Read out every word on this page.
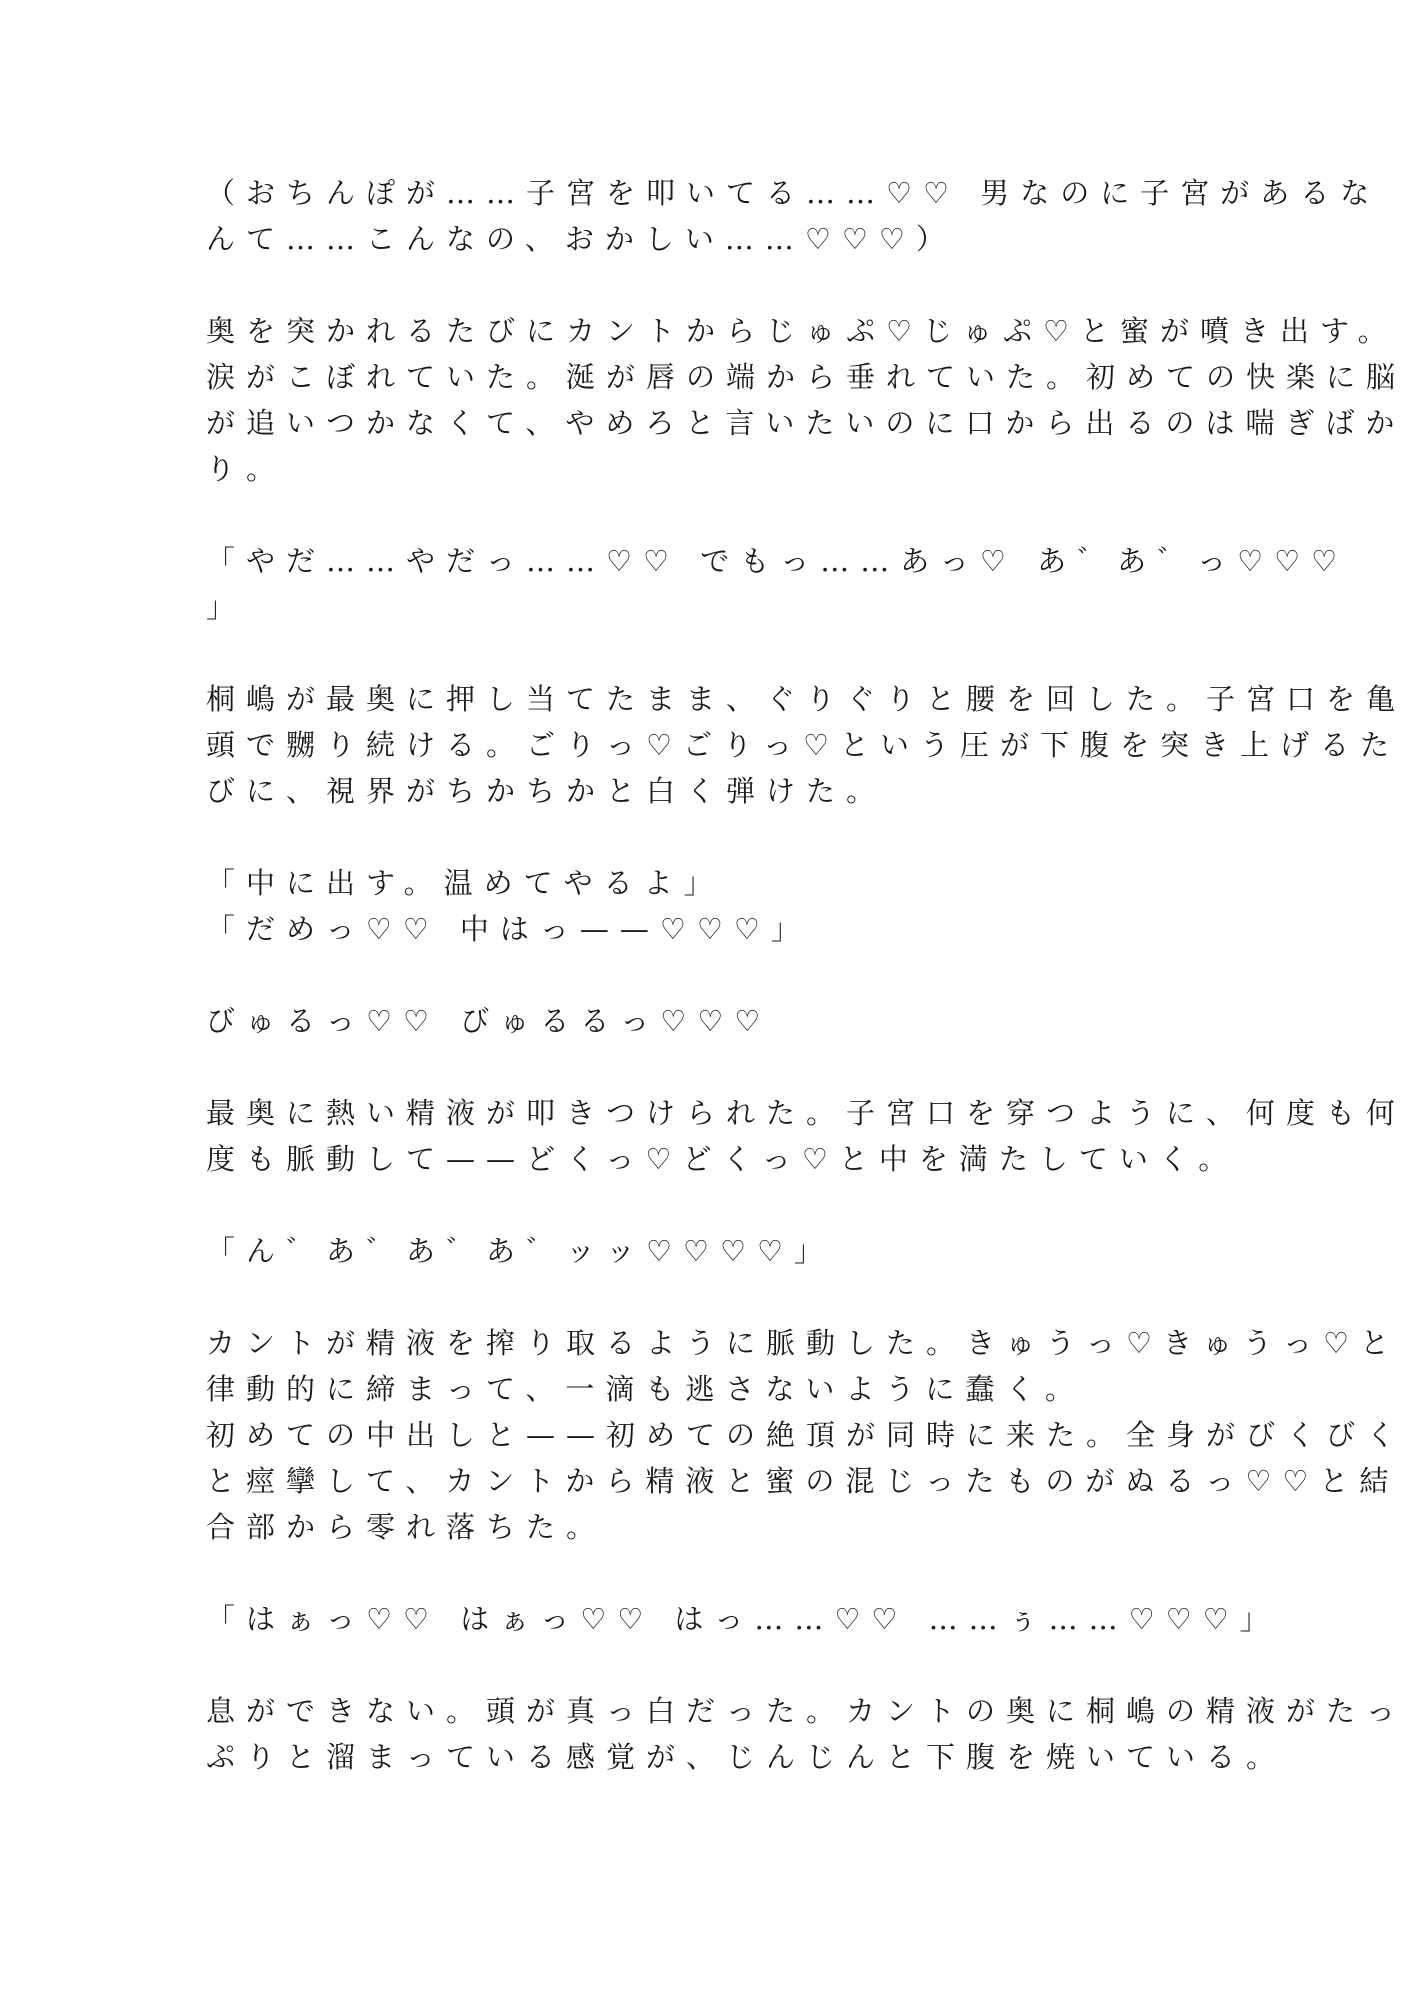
（おちんぽが……子宮を叩いてる……♡♡ 男なのに子宮があるな
んて……こんなの、おかしい……♡♡♡）
奥を突かれるたびにカントからじゅぷ♡じゅぷ♡と蜜が噴き出す。
涙がこぼれていた。涎が唇の端から垂れていた。初めての快楽に脳
が追いつかなくて、やめろと言いたいのに口から出るのは喘ぎばか
り。
「やだ……やだっ……♡♡ でもっ……あっ♡ あ゛あ゛っ♡♡♡
」
桐嶋が最奥に押し当てたまま、ぐりぐりと腰を回した。子宮口を亀
頭で嬲り続ける。ごりっ♡ごりっ♡という圧が下腹を突き上げるた
びに、視界がちかちかと白く弾けた。
「中に出す。温めてやるよ」
「だめっ♡♡ 中はっ——♡♡♡」
びゅるっ♡♡ びゅるるっ♡♡♡
最奥に熱い精液が叩きつけられた。子宮口を穿つように、何度も何
度も脈動して——どくっ♡どくっ♡と中を満たしていく。
「ん゛あ゛あ゛あ゛ッッ♡♡♡♡」
カントが精液を搾り取るように脈動した。きゅうっ♡きゅうっ♡と
律動的に締まって、一滴も逃さないように蠢く。
初めての中出しと——初めての絶頂が同時に来た。全身がびくびく
と痙攣して、カントから精液と蜜の混じったものがぬるっ♡♡と結
合部から零れ落ちた。
「はぁっ♡♡ はぁっ♡♡ はっ……♡♡ ……ぅ……♡♡♡」
息ができない。頭が真っ白だった。カントの奥に桐嶋の精液がたっ
ぷりと溜まっている感覚が、じんじんと下腹を焼いている。
